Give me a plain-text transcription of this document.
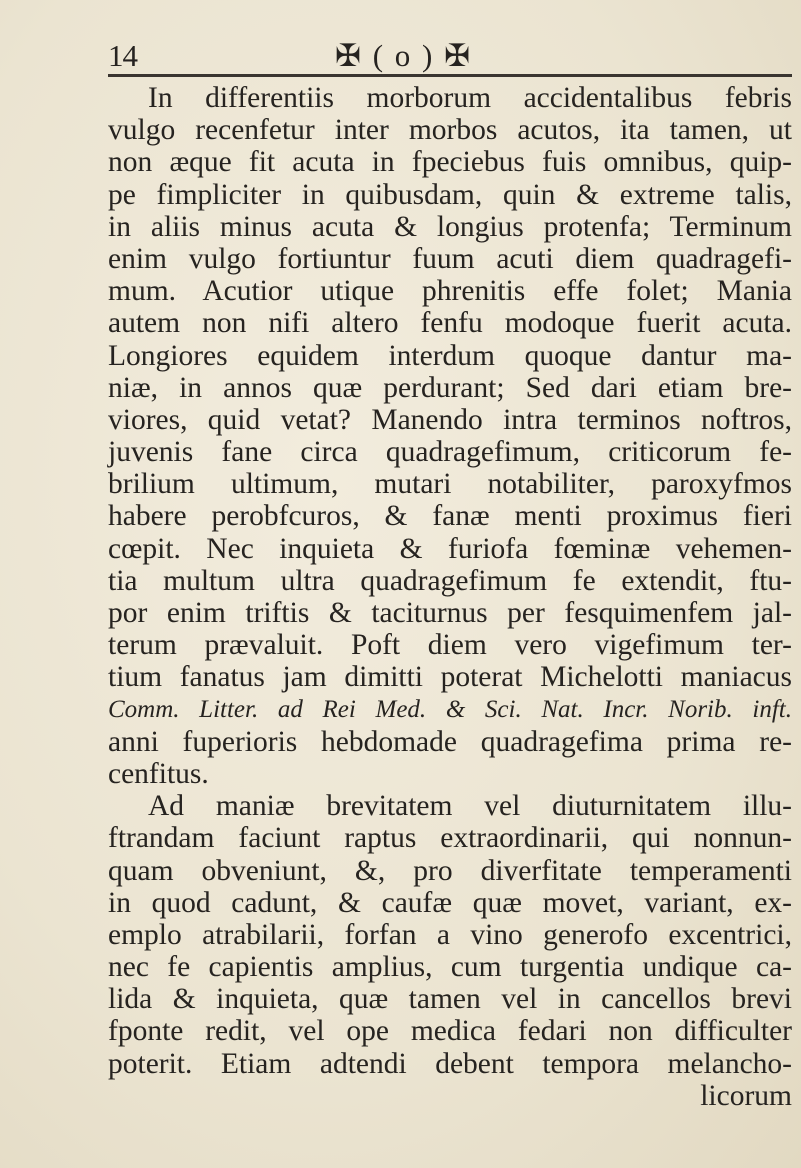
14	✠ ( o ) ✠
In differentiis morborum accidentalibus febris
vulgo recenfetur inter morbos acutos, ita tamen, ut
non æque fit acuta in fpeciebus fuis omnibus, quip-
pe fimpliciter in quibusdam, quin & extreme talis,
in aliis minus acuta & longius protenfa; Terminum
enim vulgo fortiuntur fuum acuti diem quadragefi-
mum. Acutior utique phrenitis effe folet; Mania
autem non nifi altero fenfu modoque fuerit acuta.
Longiores equidem interdum quoque dantur ma-
niæ, in annos quæ perdurant; Sed dari etiam bre-
viores, quid vetat? Manendo intra terminos noftros,
juvenis fane circa quadragefimum, criticorum fe-
brilium ultimum, mutari notabiliter, paroxyfmos
habere perobfcuros, & fanæ menti proximus fieri
cœpit. Nec inquieta & furiofa fœminæ vehemen-
tia multum ultra quadragefimum fe extendit, ftu-
por enim triftis & taciturnus per fesquimenfem jal-
terum prævaluit. Poft diem vero vigefimum ter-
tium fanatus jam dimitti poterat Michelotti maniacus
Comm. Litter. ad Rei Med. & Sci. Nat. Incr. Norib. inft.
anni fuperioris hebdomade quadragefima prima re-
cenfitus.
Ad maniæ brevitatem vel diuturnitatem illu-
ftrandam faciunt raptus extraordinarii, qui nonnun-
quam obveniunt, &, pro diverfitate temperamenti
in quod cadunt, & caufæ quæ movet, variant, ex-
emplo atrabilarii, forfan a vino generofo excentrici,
nec fe capientis amplius, cum turgentia undique ca-
lida & inquieta, quæ tamen vel in cancellos brevi
fponte redit, vel ope medica fedari non difficulter
poterit. Etiam adtendi debent tempora melancho-
licorum
